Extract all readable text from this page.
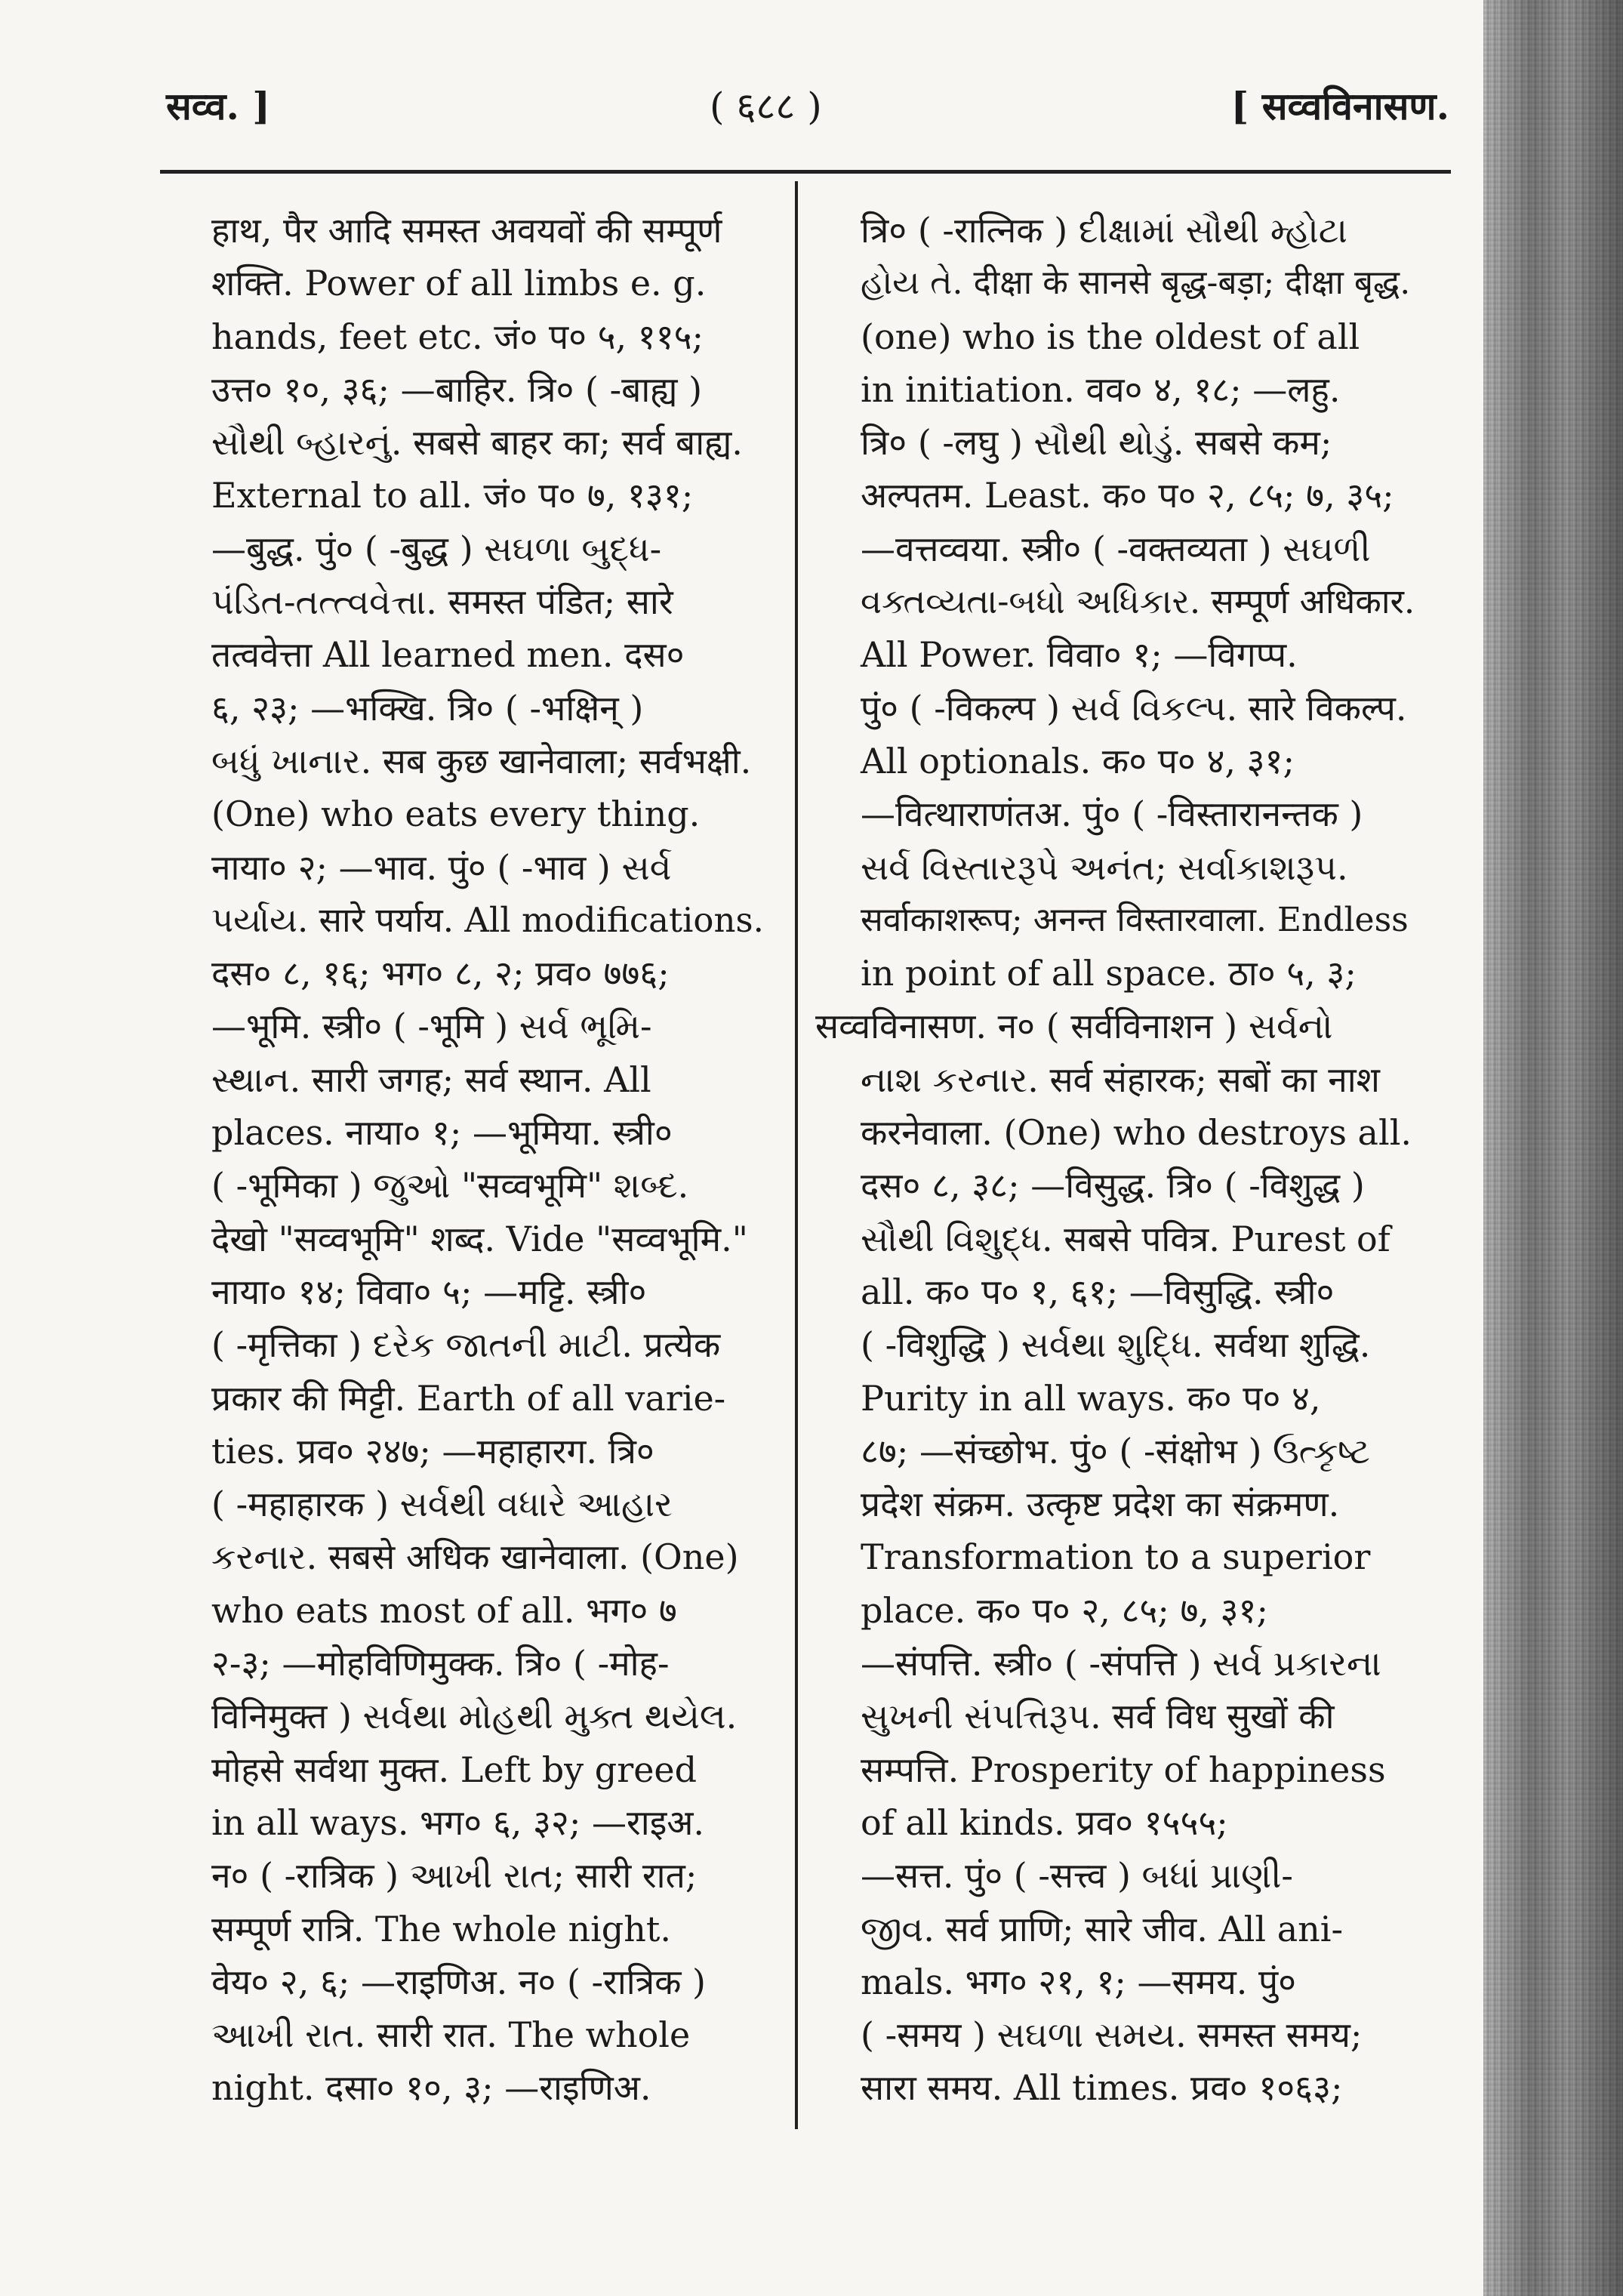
सव्व. ]	( ६८८ )	[ सव्वविनासण.
हाथ, पैर आदि समस्त अवयवों की सम्पूर्ण
शक्ति. Power of all limbs e. g.
hands, feet etc. जं० प० ५, ११५;
उत्त० १०, ३६; —बाहिर. त्रि० ( -बाह्य )
સૌથી બ્હારનું. सबसे बाहर का; सर्व बाह्य.
External to all. जं० प० ७, १३१;
—बुद्ध. पुं० ( -बुद्ध ) સઘળા બુદ્ધ-
પંડિત-તત્ત્વવેત્તા. समस्त पंडित; सारे
तत्ववेत्ता All learned men. दस०
६, २३; —भक्खि. त्रि० ( -भक्षिन् )
બધું ખાનાર. सब कुछ खानेवाला; सर्वभक्षी.
(One) who eats every thing.
नाया० २; —भाव. पुं० ( -भाव ) સર્વ
પર્યાય. सारे पर्याय. All modifications.
दस० ८, १६; भग० ८, २; प्रव० ७७६;
—भूमि. स्त्री० ( -भूमि ) સર્વ ભૂમિ-
સ્થાન. सारी जगह; सर्व स्थान. All
places. नाया० १; —भूमिया. स्त्री०
( -भूमिका ) જુઓ "सव्वभूमि" શબ્દ.
देखो "सव्वभूमि" शब्द. Vide "सव्वभूमि."
नाया० १४; विवा० ५; —मट्टि. स्त्री०
( -मृत्तिका ) દરેક જાતની માટી. प्रत्येक
प्रकार की मिट्टी. Earth of all varie-
ties. प्रव० २४७; —महाहारग. त्रि०
( -महाहारक ) સર્વથી વધારે આહાર
કરનાર. सबसे अधिक खानेवाला. (One)
who eats most of all. भग० ७
२-३; —मोहविणिमुक्क. त्रि० ( -मोह-
विनिमुक्त ) સર્વથા મોહથી મુક્ત થયેલ.
मोहसे सर्वथा मुक्त. Left by greed
in all ways. भग० ६, ३२; —राइअ.
न० ( -रात्रिक ) આખી રાત; सारी रात;
सम्पूर्ण रात्रि. The whole night.
वेय० २, ६; —राइणिअ. न० ( -रात्रिक )
આખી રાત. सारी रात. The whole
night. दसा० १०, ३; —राइणिअ.
त्रि० ( -रात्निक ) દીક્ષામાં સૌથી મ્હોટા
હોય તે. दीक्षा के सानसे बृद्ध-बड़ा; दीक्षा बृद्ध.
(one) who is the oldest of all
in initiation. वव० ४, १८; —लहु.
त्रि० ( -लघु ) સૌથી થોડું. सबसे कम;
अल्पतम. Least. क० प० २, ८५; ७, ३५;
—वत्तव्वया. स्त्री० ( -वक्तव्यता ) સઘળી
વક્તવ્યતા-બધો અધિકાર. सम्पूर्ण अधिकार.
All Power. विवा० १; —विगप्प.
पुं० ( -विकल्प ) સર્વ વિકલ્પ. सारे विकल्प.
All optionals. क० प० ४, ३१;
—वित्थाराणंतअ. पुं० ( -विस्तारानन्तक )
સર્વ વિસ્તારરૂપે અનંત; સર્વાકાશરૂપ.
सर्वाकाशरूप; अनन्त विस्तारवाला. Endless
in point of all space. ठा० ५, ३;
सव्वविनासण. न० ( सर्वविनाशन ) સર્વનો
નાશ કરનાર. सर्व संहारक; सबों का नाश
करनेवाला. (One) who destroys all.
दस० ८, ३८; —विसुद्ध. त्रि० ( -विशुद्ध )
સૌથી વિશુદ્ધ. सबसे पवित्र. Purest of
all. क० प० १, ६१; —विसुद्धि. स्त्री०
( -विशुद्धि ) સર્વથા શુદ્ધિ. सर्वथा शुद्धि.
Purity in all ways. क० प० ४,
८७; —संच्छोभ. पुं० ( -संक्षोभ ) ઉત્કૃષ્ટ
प्रदेश संक्रम. उत्कृष्ट प्रदेश का संक्रमण.
Transformation to a superior
place. क० प० २, ८५; ७, ३१;
—संपत्ति. स्त्री० ( -संपत्ति ) સર્વ પ્રકારના
સુખની સંપત્તિરૂપ. सर्व विध सुखों की
सम्पत्ति. Prosperity of happiness
of all kinds. प्रव० १५५५;
—सत्त. पुं० ( -सत्त्व ) બધાં પ્રાણી-
જીવ. सर्व प्राणि; सारे जीव. All ani-
mals. भग० २१, १; —समय. पुं०
( -समय ) સઘળા સમય. समस्त समय;
सारा समय. All times. प्रव० १०६३;
